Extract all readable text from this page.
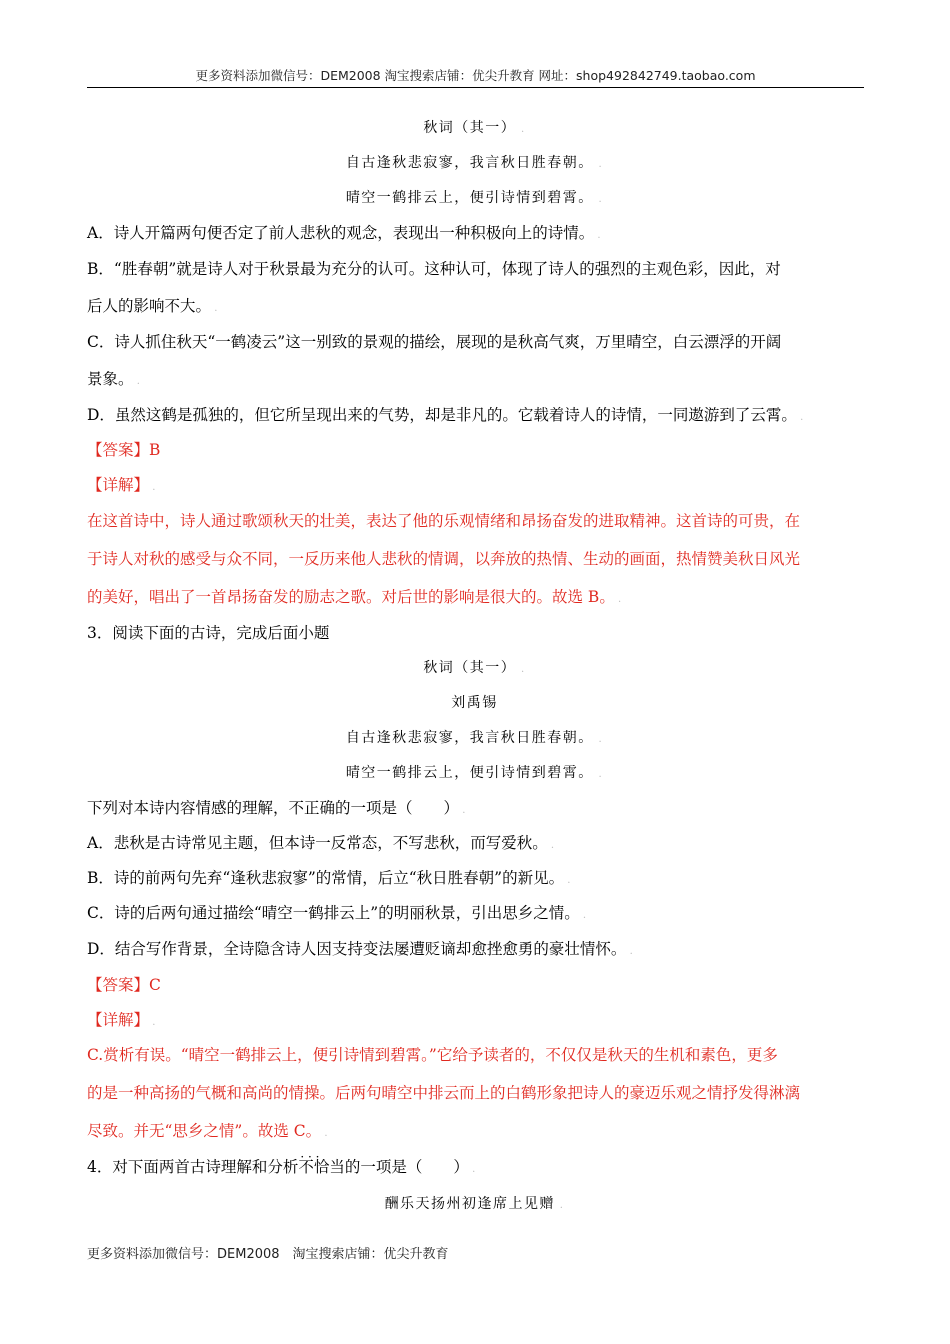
更多资料添加微信号：DEM2008 淘宝搜索店铺：优尖升教育 网址：shop492842749.taobao.com
秋词（其一） .
自古逢秋悲寂寥，我言秋日胜春朝。 .
晴空一鹤排云上，便引诗情到碧霄。 .
A．诗人开篇两句便否定了前人悲秋的观念，表现出一种积极向上的诗情。 .
B．“胜春朝”就是诗人对于秋景最为充分的认可。这种认可，体现了诗人的强烈的主观色彩，因此，对
后人的影响不大。 .
C．诗人抓住秋天“一鹤凌云”这一别致的景观的描绘，展现的是秋高气爽，万里晴空，白云漂浮的开阔
景象。 .
D．虽然这鹤是孤独的，但它所呈现出来的气势，却是非凡的。它载着诗人的诗情，一同遨游到了云霄。 .
【答案】B
【详解】 .
在这首诗中，诗人通过歌颂秋天的壮美，表达了他的乐观情绪和昂扬奋发的进取精神。这首诗的可贵，在
于诗人对秋的感受与众不同，一反历来他人悲秋的情调，以奔放的热情、生动的画面，热情赞美秋日风光
的美好，唱出了一首昂扬奋发的励志之歌。对后世的影响是很大的。故选 B。 .
3．阅读下面的古诗，完成后面小题
秋词（其一） .
刘禹锡
自古逢秋悲寂寥，我言秋日胜春朝。 .
晴空一鹤排云上，便引诗情到碧霄。 .
下列对本诗内容情感的理解，不正确的一项是（　　） .
A．悲秋是古诗常见主题，但本诗一反常态，不写悲秋，而写爱秋。 .
B．诗的前两句先弃“逢秋悲寂寥”的常情，后立“秋日胜春朝”的新见。 .
C．诗的后两句通过描绘“晴空一鹤排云上”的明丽秋景，引出思乡之情。 .
D．结合写作背景，全诗隐含诗人因支持变法屡遭贬谪却愈挫愈勇的豪壮情怀。 .
【答案】C
【详解】 .
C.赏析有误。“晴空一鹤排云上，便引诗情到碧霄。”它给予读者的，不仅仅是秋天的生机和素色，更多
的是一种高扬的气概和高尚的情操。后两句晴空中排云而上的白鹤形象把诗人的豪迈乐观之情抒发得淋漓
尽致。并无“思乡之情”。故选 C。 .
4．对下面两首古诗理解和分析· · · 不恰当的一项是（　　） .
酬乐天扬州初逢席上见赠 .
更多资料添加微信号：DEM2008　淘宝搜索店铺：优尖升教育
